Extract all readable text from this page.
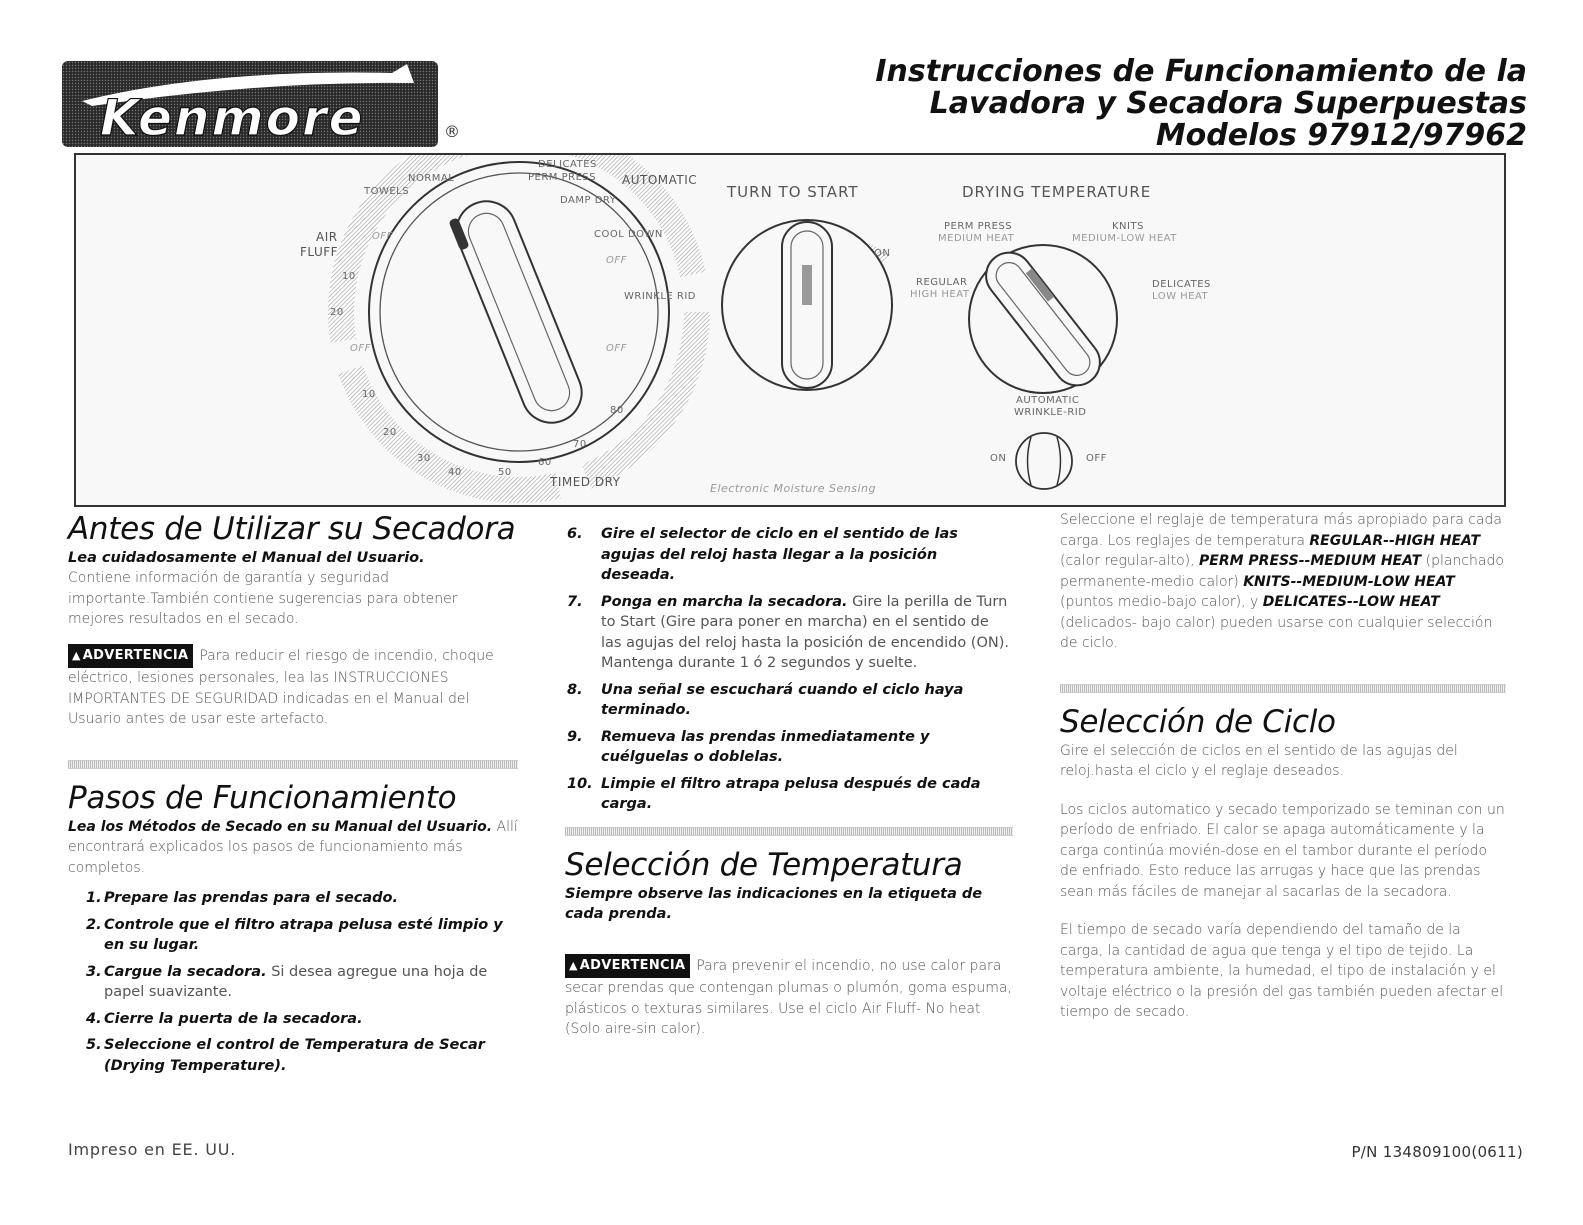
Kenmore	®
Instrucciones de Funcionamiento de la
Lavadora y Secadora Superpuestas
Modelos 97912/97962
AUTOMATIC
DELICATES
PERM PRESS
NORMAL
TOWELS
DAMP DRY
COOL DOWN
OFF
OFF
WRINKLE RID
OFF
OFF
AIR
FLUFF
10
20
10
20
30
40	50
60
70
80
TIMED DRY
TURN TO START
ON
Electronic Moisture Sensing
DRYING TEMPERATURE
PERM PRESS
MEDIUM HEAT
KNITS
MEDIUM-LOW HEAT
REGULAR
HIGH HEAT
DELICATES
LOW HEAT
AUTOMATIC
WRINKLE-RID
ON	OFF
Antes de Utilizar su Secadora

Lea cuidadosamente el Manual del Usuario.

Contiene información de garantía y seguridad importante.También contiene sugerencias para obtener mejores resultados en el secado.

▲ ADVERTENCIA Para reducir el riesgo de incendio, choque eléctrico, lesiones personales, lea las INSTRUCCIONES IMPORTANTES DE SEGURIDAD indicadas en el Manual del Usuario antes de usar este artefacto.

Pasos de Funcionamiento

Lea los Métodos de Secado en su Manual del Usuario. Allí encontrará explicados los pasos de funcionamiento más completos.

1. Prepare las prendas para el secado.
2. Controle que el filtro atrapa pelusa esté limpio y en su lugar.
3. Cargue la secadora. Si desea agregue una hoja de papel suavizante.
4. Cierre la puerta de la secadora.
5. Seleccione el control de Temperatura de Secar (Drying Temperature).
6. Gire el selector de ciclo en el sentido de las agujas del reloj hasta llegar a la posición deseada.
7. Ponga en marcha la secadora. Gire la perilla de Turn to Start (Gire para poner en marcha) en el sentido de las agujas del reloj hasta la posición de encendido (ON). Mantenga durante 1 ó 2 segundos y suelte.
8. Una señal se escuchará cuando el ciclo haya terminado.
9. Remueva las prendas inmediatamente y cuélguelas o doblelas.
10. Limpie el filtro atrapa pelusa después de cada carga.
Selección de Temperatura

Siempre observe las indicaciones en la etiqueta de cada prenda.

▲ ADVERTENCIA Para prevenir el incendio, no use calor para secar prendas que contengan plumas o plumón, goma espuma, plásticos o texturas similares. Use el ciclo Air Fluff- No heat (Solo aire-sin calor).

Seleccione el reglaje de temperatura más apropiado para cada carga. Los reglajes de temperatura REGULAR--HIGH HEAT (calor regular-alto), PERM PRESS--MEDIUM HEAT (planchado permanente-medio calor) KNITS--MEDIUM-LOW HEAT (puntos medio-bajo calor), y DELICATES--LOW HEAT (delicados- bajo calor) pueden usarse con cualquier selección de ciclo.

Selección de Ciclo

Gire el selección de ciclos en el sentido de las agujas del reloj.hasta el ciclo y el reglaje deseados.

Los ciclos automatico y secado temporizado se teminan con un período de enfriado. El calor se apaga automáticamente y la carga continúa movién-dose en el tambor durante el período de enfriado. Esto reduce las arrugas y hace que las prendas sean más fáciles de manejar al sacarlas de la secadora.

El tiempo de secado varía dependiendo del tamaño de la carga, la cantidad de agua que tenga y el tipo de tejido. La temperatura ambiente, la humedad, el tipo de instalación y el voltaje eléctrico o la presión del gas también pueden afectar el tiempo de secado.

Impreso en EE. UU.	P/N 134809100(0611)
